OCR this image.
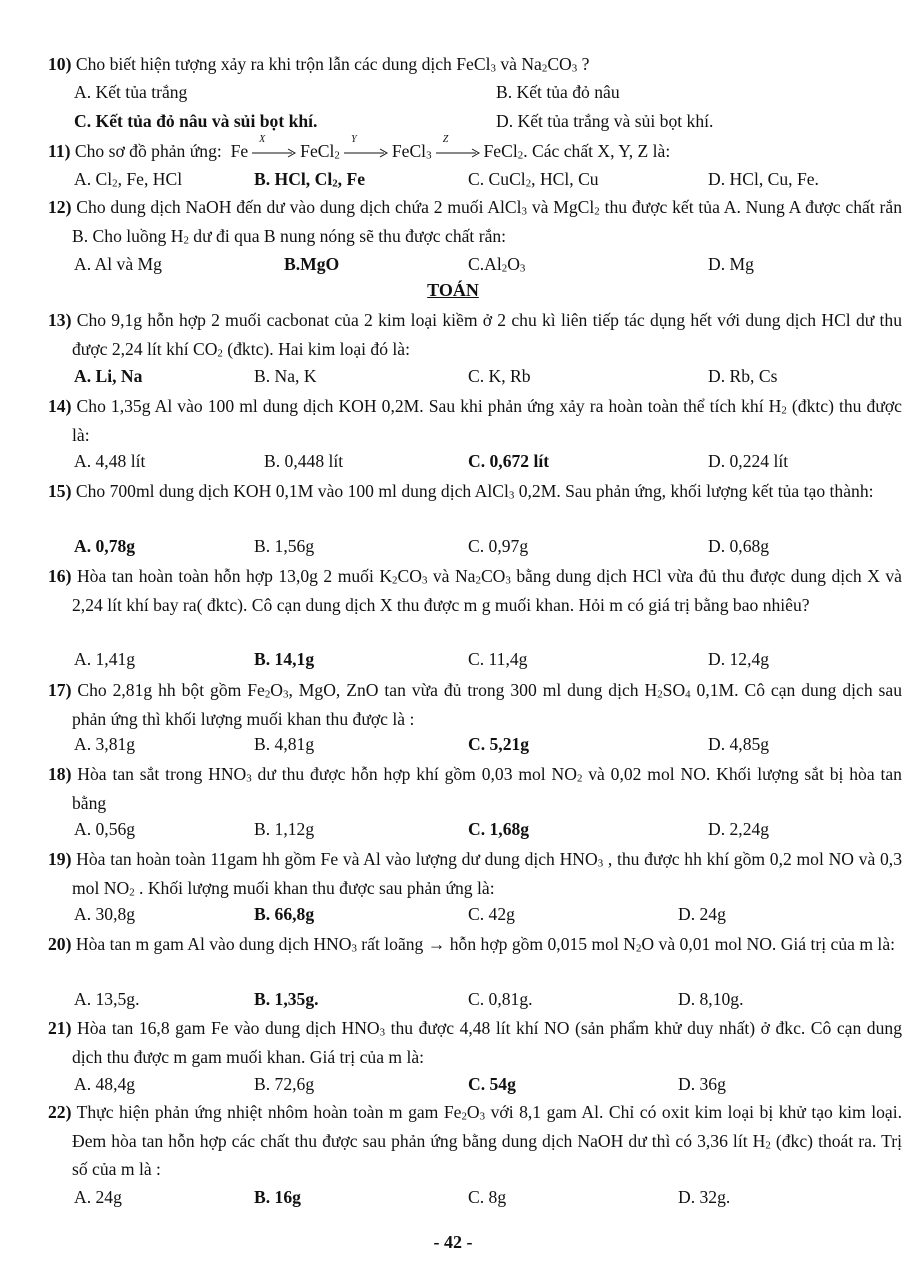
TOÁN
10) Cho biết hiện tượng xảy ra khi trộn lẫn các dung dịch FeCl$_3$ và $Na_2CO_3$ ?
A. Kết tủa trắng	B. Kết tủa đỏ nâu
C. Kết tủa đỏ nâu và sủi bọt khí.	D. Kết tủa trắng và sủi bọt khí.
11) Cho sơ đồ phản ứng:  Fe
X
FeCl$_2$
Y
FeCl$_3$
Z
FeCl$_2$. Các chất X, Y, Z là:
A. $Cl_2$, Fe, HCl	B. HCl, $Cl_2$, Fe	C. CuCl$_2$, HCl, Cu	D. HCl, Cu, Fe.
12) Cho dung dịch NaOH đến dư vào dung dịch chứa 2 muối AlCl$_3$ và MgCl$_2$ thu được kết tủa A. Nung A được chất rắn B. Cho luồng $H_2$ dư đi qua B nung nóng sẽ thu được chất rắn:
A. Al và Mg	B.MgO	$C.Al_2O_3$	D. Mg
13) Cho 9,1g hỗn hợp 2 muối cacbonat của 2 kim loại kiềm ở 2 chu kì liên tiếp tác dụng hết với dung dịch HCl dư thu được 2,24 lít khí $CO_2$ (đktc). Hai kim loại đó là:
A. Li, Na	B. Na, K	C. K, Rb	D. Rb, Cs
14) Cho 1,35g Al vào 100 ml dung dịch KOH 0,2M. Sau khi phản ứng xảy ra hoàn toàn thể tích khí $H_2$ (đktc) thu được là:
A. 4,48 lít	B. 0,448 lít	C. 0,672 lít	D. 0,224 lít
15) Cho 700ml dung dịch KOH 0,1M vào 100 ml dung dịch AlCl$_3$ 0,2M. Sau phản ứng, khối lượng kết tủa tạo thành:
A. 0,78g	B. 1,56g	C. 0,97g	D. 0,68g
16) Hòa tan hoàn toàn hỗn hợp 13,0g 2 muối $K_2CO_3$ và $Na_2CO_3$ bằng dung dịch HCl vừa đủ thu được dung dịch X và 2,24 lít khí bay ra( đktc). Cô cạn dung dịch X thu được m g muối khan. Hỏi m có giá trị bằng bao nhiêu?
A. 1,41g	B. 14,1g	C. 11,4g	D. 12,4g
17) Cho 2,81g hh bột gồm $Fe_2O_3$, MgO, ZnO tan vừa đủ trong 300 ml dung dịch $H_2SO_4$ 0,1M. Cô cạn dung dịch sau phản ứng thì khối lượng muối khan thu được là :
A. 3,81g	B. 4,81g	C. 5,21g	D. 4,85g
18) Hòa tan sắt trong $HNO_3$ dư thu được hỗn hợp khí gồm 0,03 mol $NO_2$ và 0,02 mol NO. Khối lượng sắt bị hòa tan bằng
A. 0,56g	B. 1,12g	C. 1,68g	D. 2,24g
19) Hòa tan hoàn toàn 11gam hh gồm Fe và Al vào lượng dư dung dịch $HNO_3$ , thu được hh khí gồm 0,2 mol NO và 0,3 mol $NO_2$ . Khối lượng muối khan thu được sau phản ứng là:
A. 30,8g	B. 66,8g	C. 42g	D. 24g
20) Hòa tan m gam Al vào dung dịch $HNO_3$ rất loãng → hỗn hợp gồm 0,015 mol $N_2O$ và 0,01 mol NO. Giá trị của m là:
A. 13,5g.	B. 1,35g.	C. 0,81g.	D. 8,10g.
21) Hòa tan 16,8 gam Fe vào dung dịch $HNO_3$ thu được 4,48 lít khí NO (sản phẩm khử duy nhất) ở đkc. Cô cạn dung dịch thu được m gam muối khan. Giá trị của m là:
A. 48,4g	B. 72,6g	C. 54g	D. 36g
22) Thực hiện phản ứng nhiệt nhôm hoàn toàn m gam $Fe_2O_3$ với 8,1 gam Al. Chỉ có oxit kim loại bị khử tạo kim loại. Đem hòa tan hỗn hợp các chất thu được sau phản ứng bằng dung dịch NaOH dư thì có 3,36 lít $H_2$ (đkc) thoát ra. Trị số của m là :
A. 24g	B. 16g	C. 8g	D. 32g.
- 42 -
